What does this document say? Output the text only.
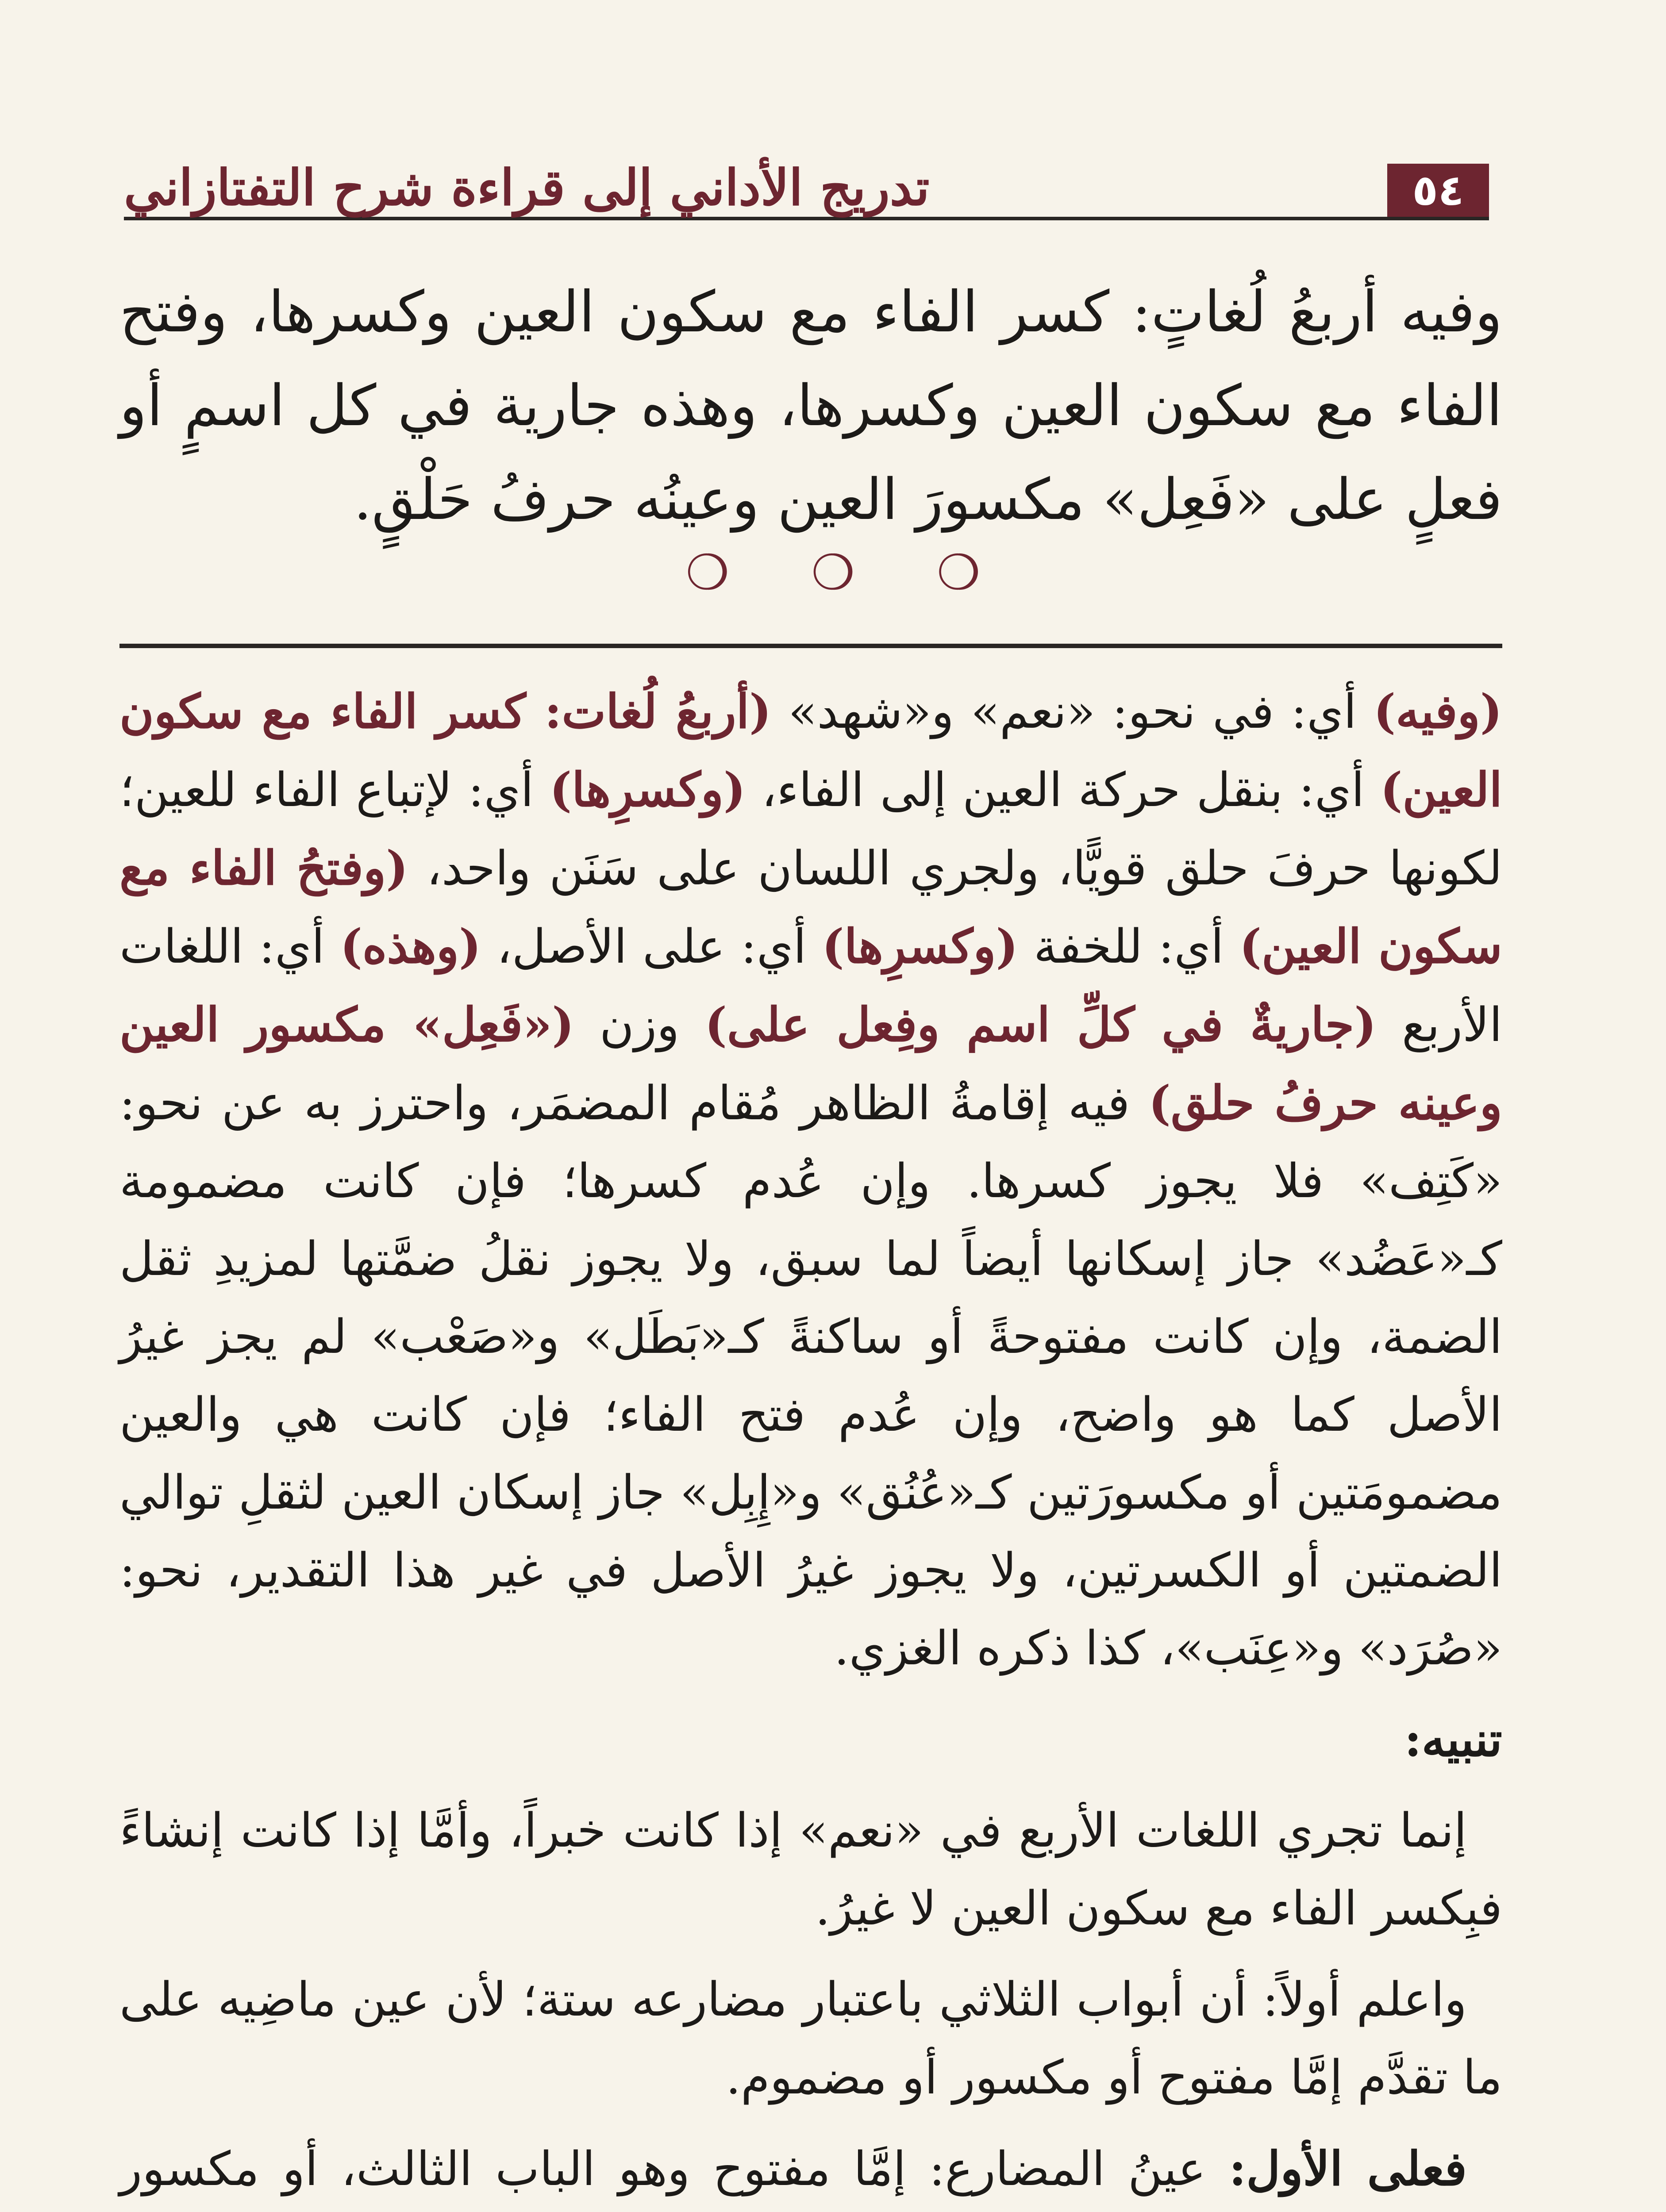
٥٤
تدريج الأداني إلى قراءة شرح التفتازاني
وفيه أربعُ لُغاتٍ: كسر الفاء مع سكون العين وكسرها، وفتح الفاء مع سكون العين وكسرها، وهذه جارية في كل اسمٍ أو فعلٍ على «فَعِل» مكسورَ العين وعينُه حرفُ حَلْقٍ.
❍ ❍ ❍

(وفيه) أي: في نحو: «نعم» و«شهد» (أربعُ لُغات: كسر الفاء مع سكون العين) أي: بنقل حركة العين إلى الفاء، (وكسرِها) أي: لإتباع الفاء للعين؛ لكونها حرفَ حلق قويًّا، ولجري اللسان على سَنَن واحد، (وفتحُ الفاء مع سكون العين) أي: للخفة (وكسرِها) أي: على الأصل، (وهذه) أي: اللغات الأربع (جاريةٌ في كلِّ اسم وفِعل على) وزن («فَعِل» مكسور العين وعينه حرفُ حلق) فيه إقامةُ الظاهر مُقام المضمَر، واحترز به عن نحو: «كَتِف» فلا يجوز كسرها. وإن عُدم كسرها؛ فإن كانت مضمومة كـ«عَضُد» جاز إسكانها أيضاً لما سبق، ولا يجوز نقلُ ضمَّتها لمزيدِ ثقل الضمة، وإن كانت مفتوحةً أو ساكنةً كـ«بَطَل» و«صَعْب» لم يجز غيرُ الأصل كما هو واضح، وإن عُدم فتح الفاء؛ فإن كانت هي والعين مضمومَتين أو مكسورَتين كـ«عُنُق» و«إِبِل» جاز إسكان العين لثقلِ توالي الضمتين أو الكسرتين، ولا يجوز غيرُ الأصل في غير هذا التقدير، نحو: «صُرَد» و«عِنَب»، كذا ذكره الغزي.

تنبيه:

إنما تجري اللغات الأربع في «نعم» إذا كانت خبراً، وأمَّا إذا كانت إنشاءً فبِكسر الفاء مع سكون العين لا غيرُ.

واعلم أولاً: أن أبواب الثلاثي باعتبار مضارعه ستة؛ لأن عين ماضِيه على ما تقدَّم إمَّا مفتوح أو مكسور أو مضموم.

فعلى الأول: عينُ المضارع: إمَّا مفتوح وهو الباب الثالث، أو مكسور
